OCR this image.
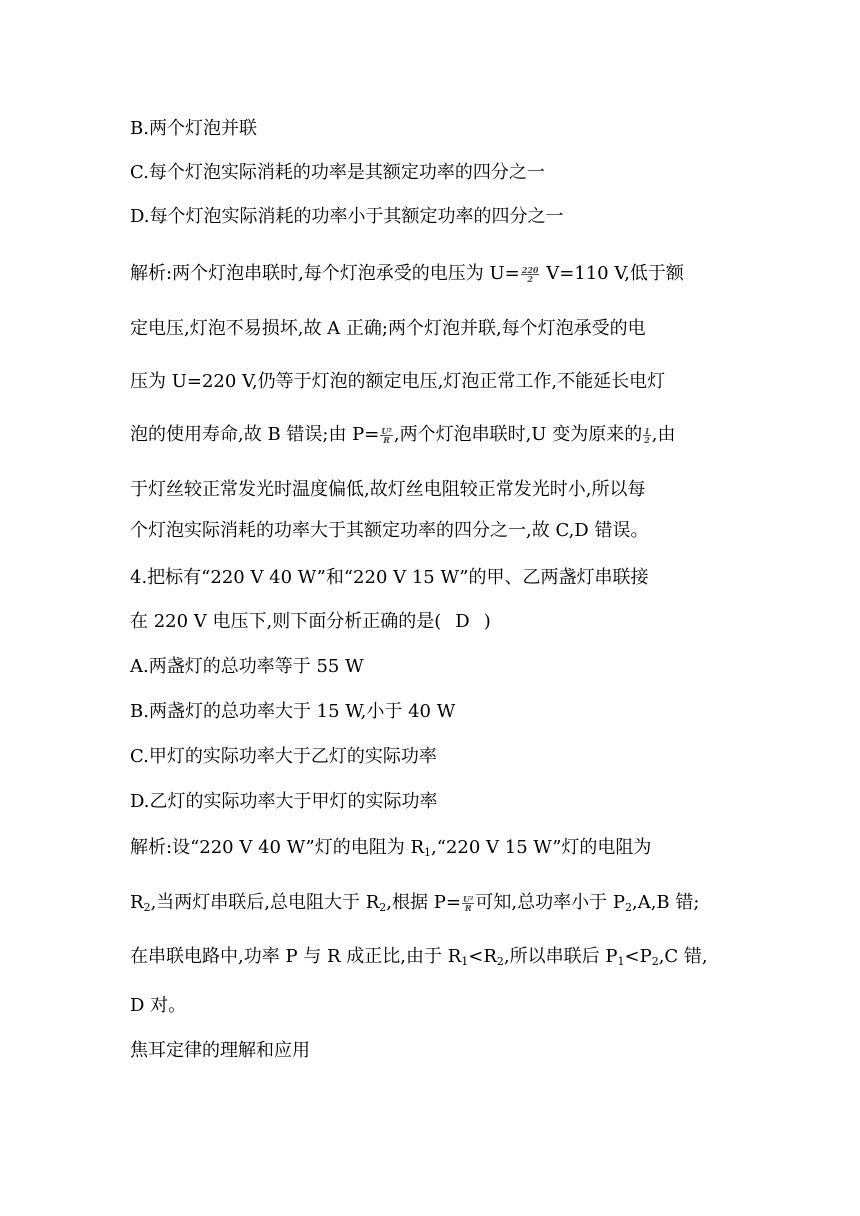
B.两个灯泡并联
C.每个灯泡实际消耗的功率是其额定功率的四分之一
D.每个灯泡实际消耗的功率小于其额定功率的四分之一
解析:两个灯泡串联时,每个灯泡承受的电压为 $U= \frac{220}{2} V=110$ V,低于额
定电压,灯泡不易损坏,故 A 正确;两个灯泡并联,每个灯泡承受的电
压为 U=220 V,仍等于灯泡的额定电压,灯泡正常工作,不能延长电灯
泡的使用寿命,故 B 错误;由 $P= \frac{\text{U²}}{R}$ ,两个灯泡串联时,U 变为原来的 $\frac{1}{2}$ ,由
于灯丝较正常发光时温度偏低,故灯丝电阻较正常发光时小,所以每
个灯泡实际消耗的功率大于其额定功率的四分之一,故 C,D 错误。
4.把标有“220 V 40 W”和“220 V 15 W”的甲、乙两盏灯串联接
在 220 V 电压下,则下面分析正确的是( D )
A.两盏灯的总功率等于 55 W
B.两盏灯的总功率大于 15 W,小于 40 W
C.甲灯的实际功率大于乙灯的实际功率
D.乙灯的实际功率大于甲灯的实际功率
解析:设“220 V 40 W”灯的电阻为 $R_1,“220$ V 15 W”灯的电阻为
$R_2$,当两灯串联后,总电阻大于 $R_2$,根据 $P= \frac{\text{U²}}{R}$ 可知,总功率小于 $P_2,A,B$ 错;
在串联电路中,功率 P 与 R 成正比,由于 $R_1<R_2$,所以串联后 $P_1<P_2,C$ 错,
D 对。
焦耳定律的理解和应用
